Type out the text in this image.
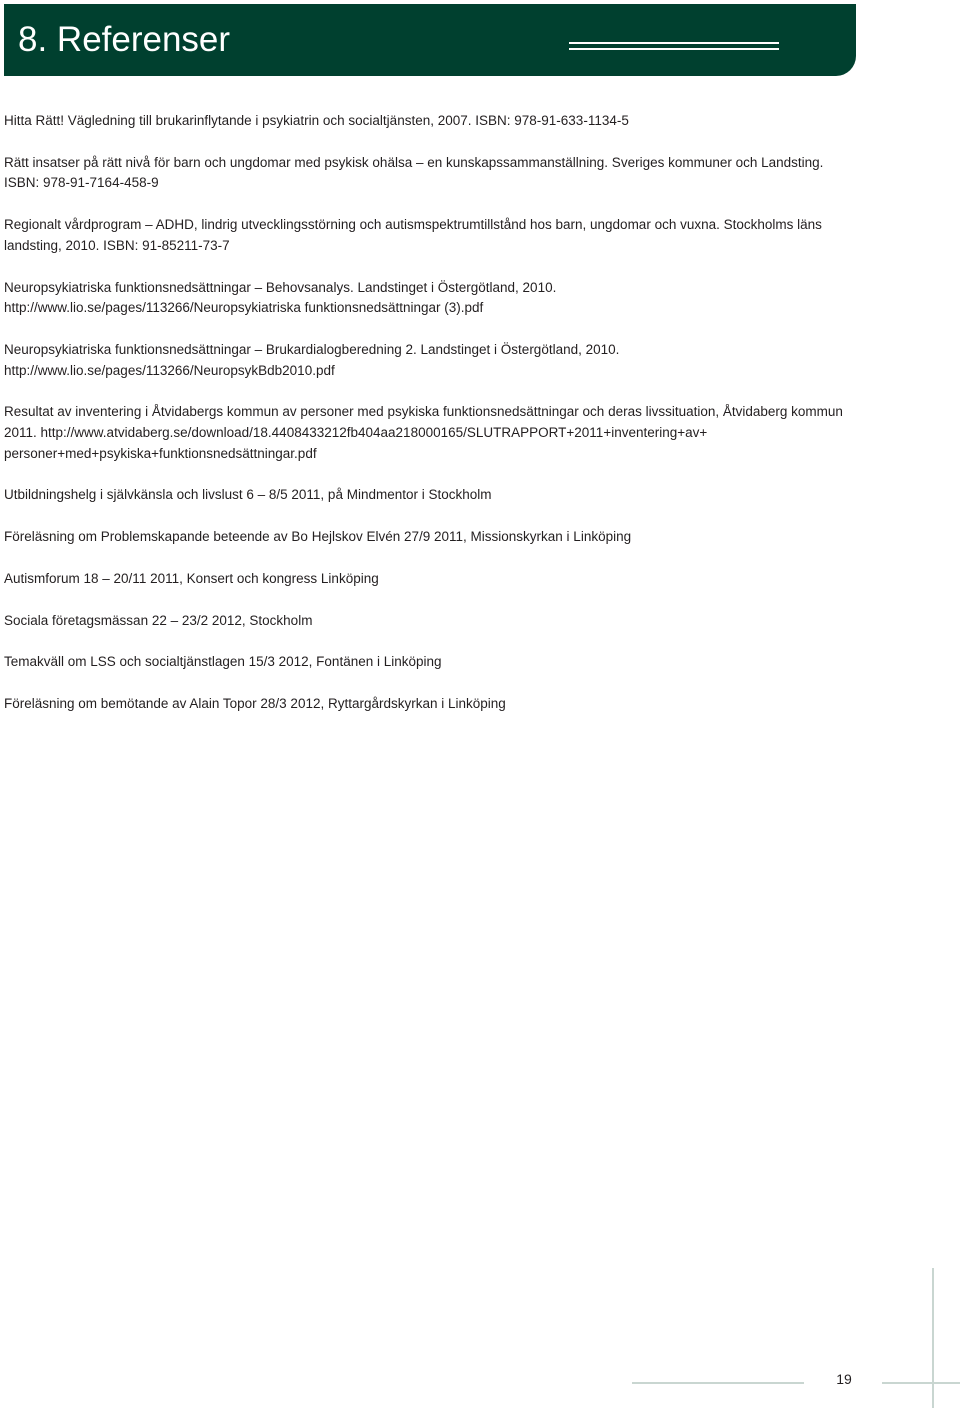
8. Referenser
Hitta Rätt! Vägledning till brukarinflytande i psykiatrin och socialtjänsten, 2007. ISBN: 978-91-633-1134-5
Rätt insatser på rätt nivå för barn och ungdomar med psykisk ohälsa – en kunskapssammanställning. Sveriges kommuner och Landsting. ISBN: 978-91-7164-458-9
Regionalt vårdprogram – ADHD, lindrig utvecklingsstörning och autismspektrumtillstånd hos barn, ungdomar och vuxna. Stockholms läns landsting, 2010. ISBN: 91-85211-73-7
Neuropsykiatriska funktionsnedsättningar – Behovsanalys. Landstinget i Östergötland, 2010. http://www.lio.se/pages/113266/Neuropsykiatriska funktionsnedsättningar (3).pdf
Neuropsykiatriska funktionsnedsättningar – Brukardialogberedning 2. Landstinget i Östergötland, 2010. http://www.lio.se/pages/113266/NeuropsykBdb2010.pdf
Resultat av inventering i Åtvidabergs kommun av personer med psykiska funktionsnedsättningar och deras livssituation, Åtvidaberg kommun 2011. http://www.atvidaberg.se/download/18.4408433212fb404aa218000165/SLUTRAPPORT+2011+inventering+av+ personer+med+psykiska+funktionsnedsättningar.pdf
Utbildningshelg i självkänsla och livslust 6 – 8/5 2011, på Mindmentor i Stockholm
Föreläsning om Problemskapande beteende av Bo Hejlskov Elvén 27/9 2011, Missionskyrkan i Linköping
Autismforum 18 – 20/11 2011, Konsert och kongress Linköping
Sociala företagsmässan 22 – 23/2 2012, Stockholm
Temakväll om LSS och socialtjänstlagen 15/3 2012, Fontänen i Linköping
Föreläsning om bemötande av Alain Topor 28/3 2012, Ryttargårdskyrkan i Linköping
19
